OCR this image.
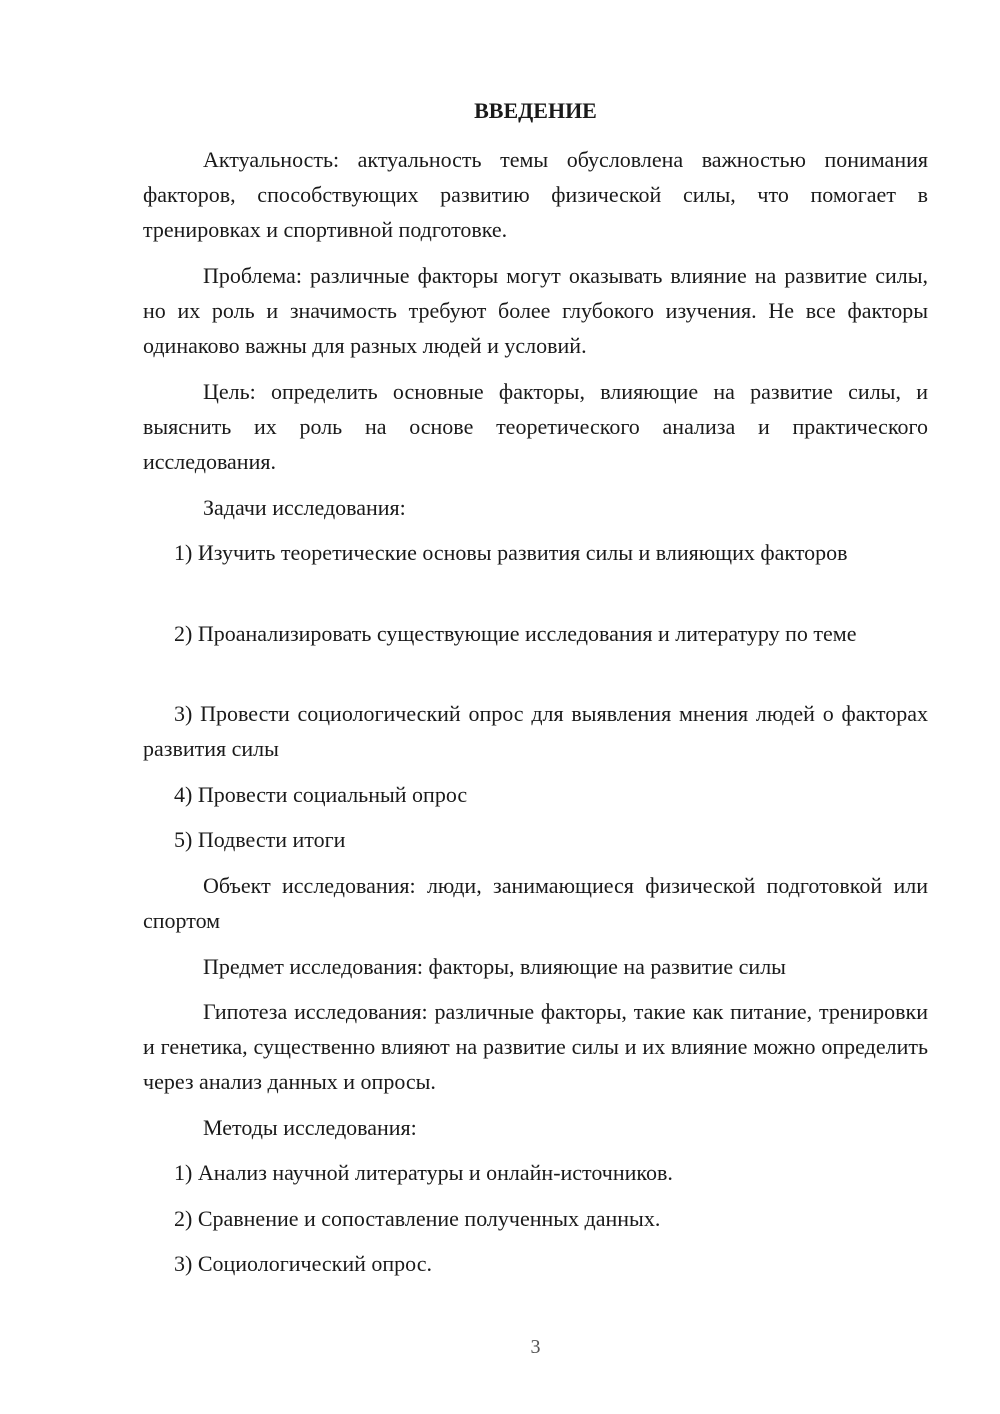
ВВЕДЕНИЕ

Актуальность: актуальность темы обусловлена важностью понимания факторов, способствующих развитию физической силы, что помогает в тренировках и спортивной подготовке.

Проблема: различные факторы могут оказывать влияние на развитие силы, но их роль и значимость требуют более глубокого изучения. Не все факторы одинаково важны для разных людей и условий.

Цель: определить основные факторы, влияющие на развитие силы, и выяснить их роль на основе теоретического анализа и практического исследования.

Задачи исследования:

1) Изучить теоретические основы развития силы и влияющих факторов

2) Проанализировать существующие исследования и литературу по теме

3) Провести социологический опрос для выявления мнения людей о факторах развития силы

4) Провести социальный опрос

5) Подвести итоги

Объект исследования: люди, занимающиеся физической подготовкой или спортом

Предмет исследования: факторы, влияющие на развитие силы

Гипотеза исследования: различные факторы, такие как питание, тренировки и генетика, существенно влияют на развитие силы и их влияние можно определить через анализ данных и опросы.

Методы исследования:

1) Анализ научной литературы и онлайн-источников.

2) Сравнение и сопоставление полученных данных.

3) Социологический опрос.

3
